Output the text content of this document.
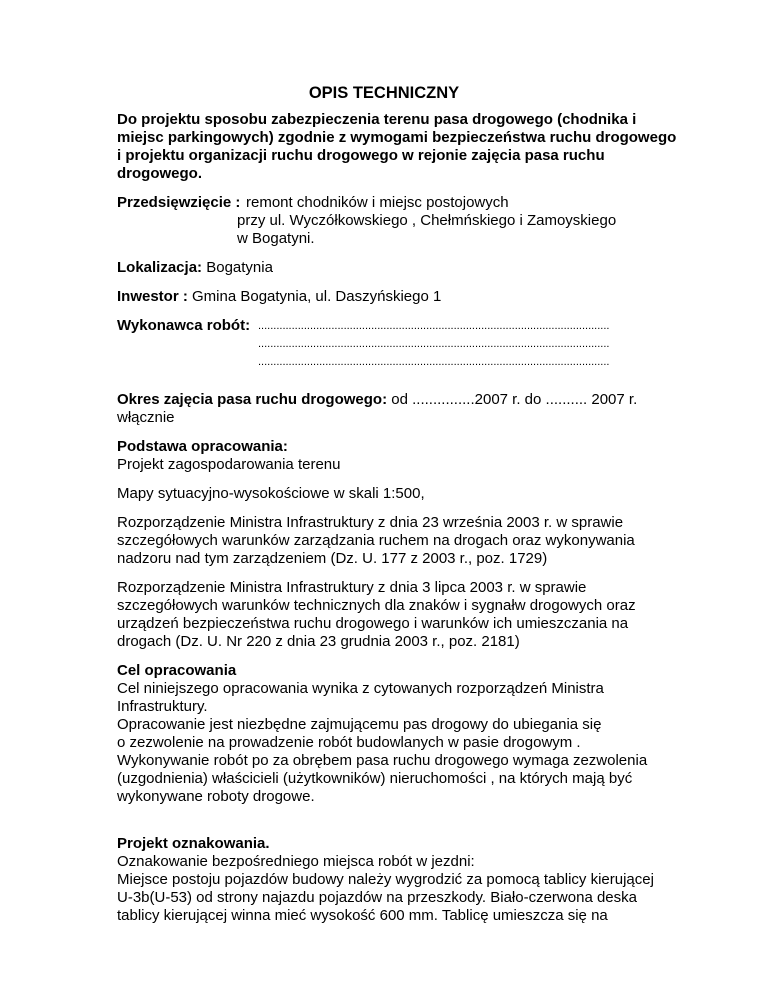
OPIS TECHNICZNY
Do projektu sposobu zabezpieczenia terenu pasa drogowego (chodnika i
miejsc parkingowych) zgodnie z wymogami bezpieczeństwa ruchu drogowego
i projektu organizacji ruchu drogowego w rejonie zajęcia pasa ruchu
drogowego.
Przedsięwzięcie : remont chodników i miejsc postojowych
przy ul. Wyczółkowskiego , Chełmńskiego i Zamoyskiego
w Bogatyni.
Lokalizacja: Bogatynia
Inwestor : Gmina Bogatynia, ul. Daszyńskiego 1
Wykonawca robót: ...................................................................................................................
...................................................................................................................
...................................................................................................................
Okres zajęcia pasa ruchu drogowego: od ...............2007 r. do .......... 2007 r.
włącznie
Podstawa opracowania:
Projekt zagospodarowania terenu
Mapy sytuacyjno-wysokościowe w skali 1:500,
Rozporządzenie Ministra Infrastruktury z dnia 23 września 2003 r. w sprawie
szczegółowych warunków zarządzania ruchem na drogach oraz wykonywania
nadzoru nad tym zarządzeniem (Dz. U. 177 z 2003 r., poz. 1729)
Rozporządzenie Ministra Infrastruktury z dnia 3 lipca 2003 r. w sprawie
szczegółowych warunków technicznych dla znaków i sygnałw drogowych oraz
urządzeń bezpieczeństwa ruchu drogowego i warunków ich umieszczania na
drogach (Dz. U. Nr 220 z dnia 23 grudnia 2003 r., poz. 2181)
Cel opracowania
Cel niniejszego opracowania wynika z cytowanych rozporządzeń Ministra
Infrastruktury.
Opracowanie jest niezbędne zajmującemu pas drogowy do ubiegania się
o zezwolenie na prowadzenie robót budowlanych w pasie drogowym .
Wykonywanie robót po za obrębem pasa ruchu drogowego wymaga zezwolenia
(uzgodnienia) właścicieli (użytkowników) nieruchomości , na których mają być
wykonywane roboty drogowe.
Projekt oznakowania.
Oznakowanie bezpośredniego miejsca robót w jezdni:
Miejsce postoju pojazdów budowy należy wygrodzić za pomocą tablicy kierującej
U-3b(U-53) od strony najazdu pojazdów na przeszkody. Biało-czerwona deska
tablicy kierującej winna mieć wysokość 600 mm. Tablicę umieszcza się na
